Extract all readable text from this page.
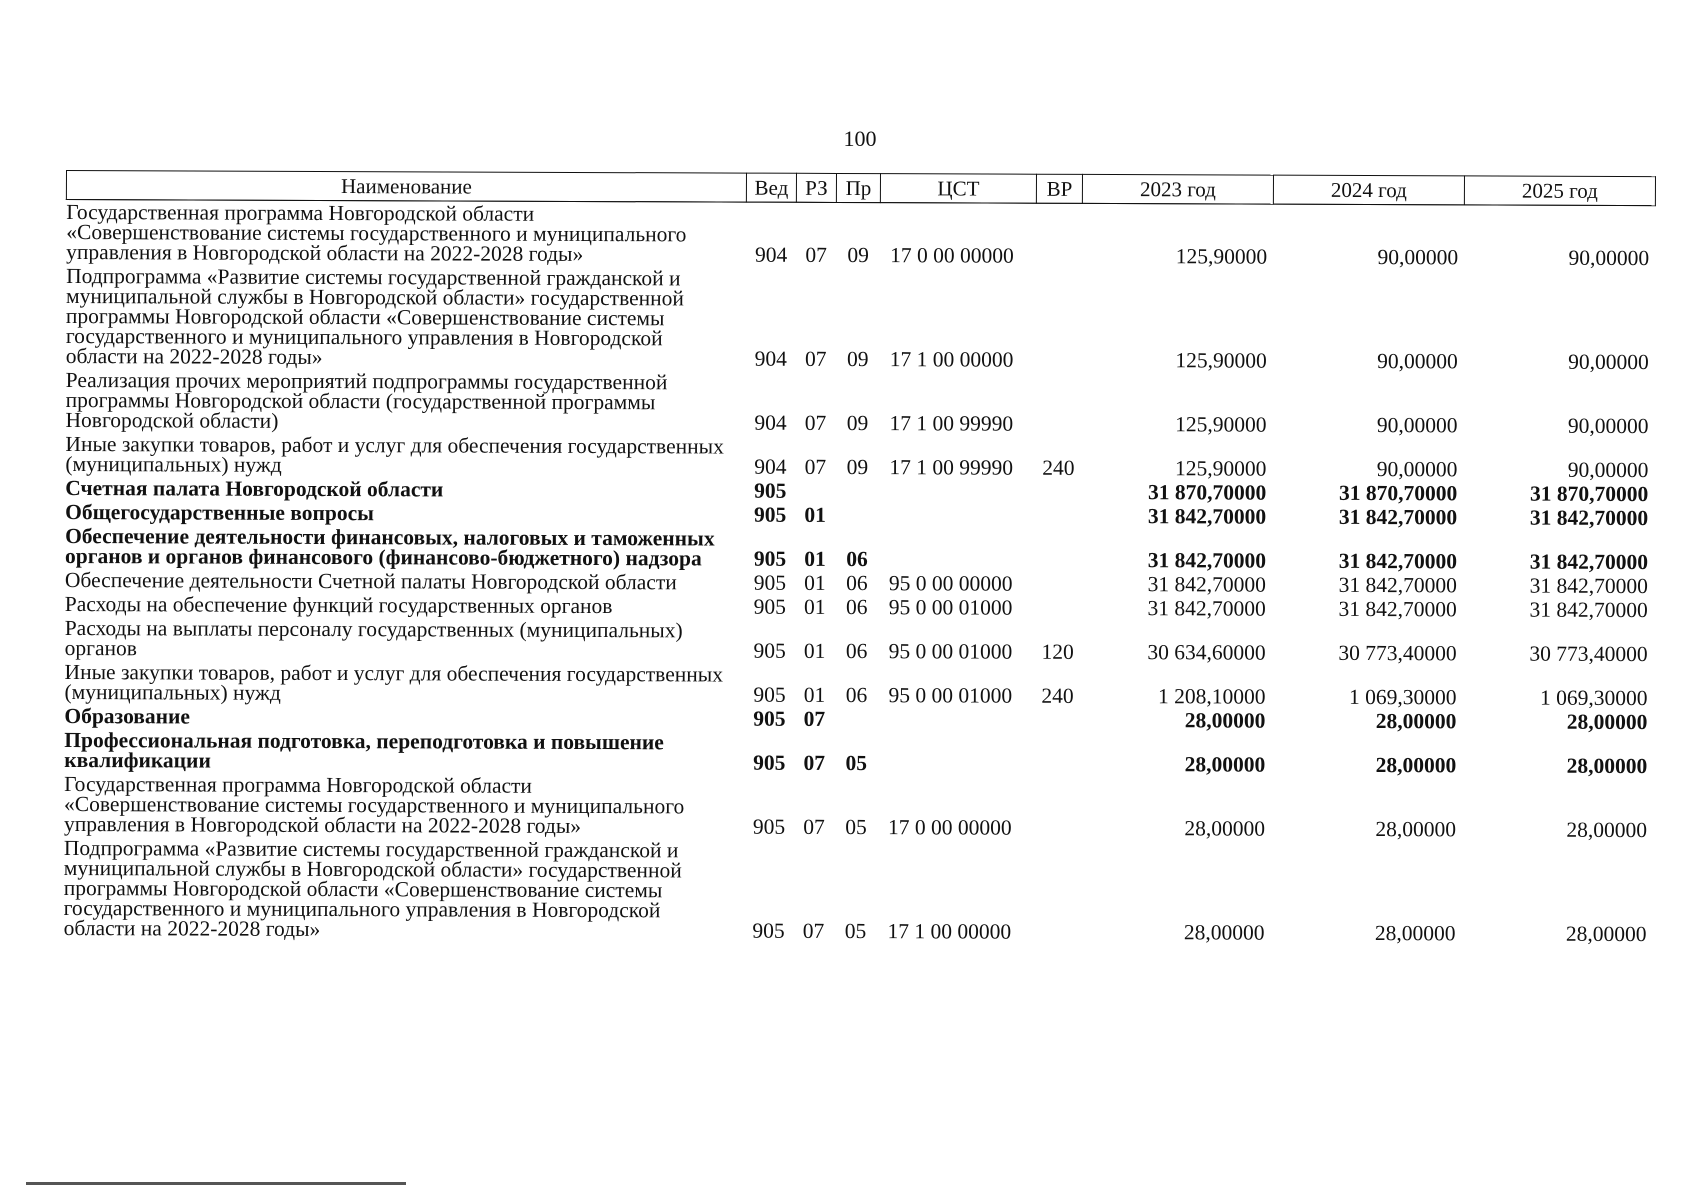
100
Наименование	Вед	РЗ	Пр	ЦСТ	ВР	2023 год	2024 год	2025 год
Государственная программа Новгородской области «Совершенствование системы государственного и муниципального управления в Новгородской области на 2022-2028 годы»	904	07	09	17 0 00 00000		125,90000	90,00000	90,00000
Подпрограмма «Развитие системы государственной гражданской и муниципальной службы в Новгородской области» государственной программы Новгородской области «Совершенствование системы государственного и муниципального управления в Новгородской области на 2022-2028 годы»	904	07	09	17 1 00 00000		125,90000	90,00000	90,00000
Реализация прочих мероприятий подпрограммы государственной программы Новгородской области (государственной программы Новгородской области)	904	07	09	17 1 00 99990		125,90000	90,00000	90,00000
Иные закупки товаров, работ и услуг для обеспечения государственных (муниципальных) нужд	904	07	09	17 1 00 99990	240	125,90000	90,00000	90,00000
Счетная палата Новгородской области	905					31 870,70000	31 870,70000	31 870,70000
Общегосударственные вопросы	905	01				31 842,70000	31 842,70000	31 842,70000
Обеспечение деятельности финансовых, налоговых и таможенных органов и органов финансового (финансово-бюджетного) надзора	905	01	06			31 842,70000	31 842,70000	31 842,70000
Обеспечение деятельности Счетной палаты Новгородской области	905	01	06	95 0 00 00000		31 842,70000	31 842,70000	31 842,70000
Расходы на обеспечение функций государственных органов	905	01	06	95 0 00 01000		31 842,70000	31 842,70000	31 842,70000
Расходы на выплаты персоналу государственных (муниципальных) органов	905	01	06	95 0 00 01000	120	30 634,60000	30 773,40000	30 773,40000
Иные закупки товаров, работ и услуг для обеспечения государственных (муниципальных) нужд	905	01	06	95 0 00 01000	240	1 208,10000	1 069,30000	1 069,30000
Образование	905	07				28,00000	28,00000	28,00000
Профессиональная подготовка, переподготовка и повышение квалификации	905	07	05			28,00000	28,00000	28,00000
Государственная программа Новгородской области «Совершенствование системы государственного и муниципального управления в Новгородской области на 2022-2028 годы»	905	07	05	17 0 00 00000		28,00000	28,00000	28,00000
Подпрограмма «Развитие системы государственной гражданской и муниципальной службы в Новгородской области» государственной программы Новгородской области «Совершенствование системы государственного и муниципального управления в Новгородской области на 2022-2028 годы»	905	07	05	17 1 00 00000		28,00000	28,00000	28,00000
